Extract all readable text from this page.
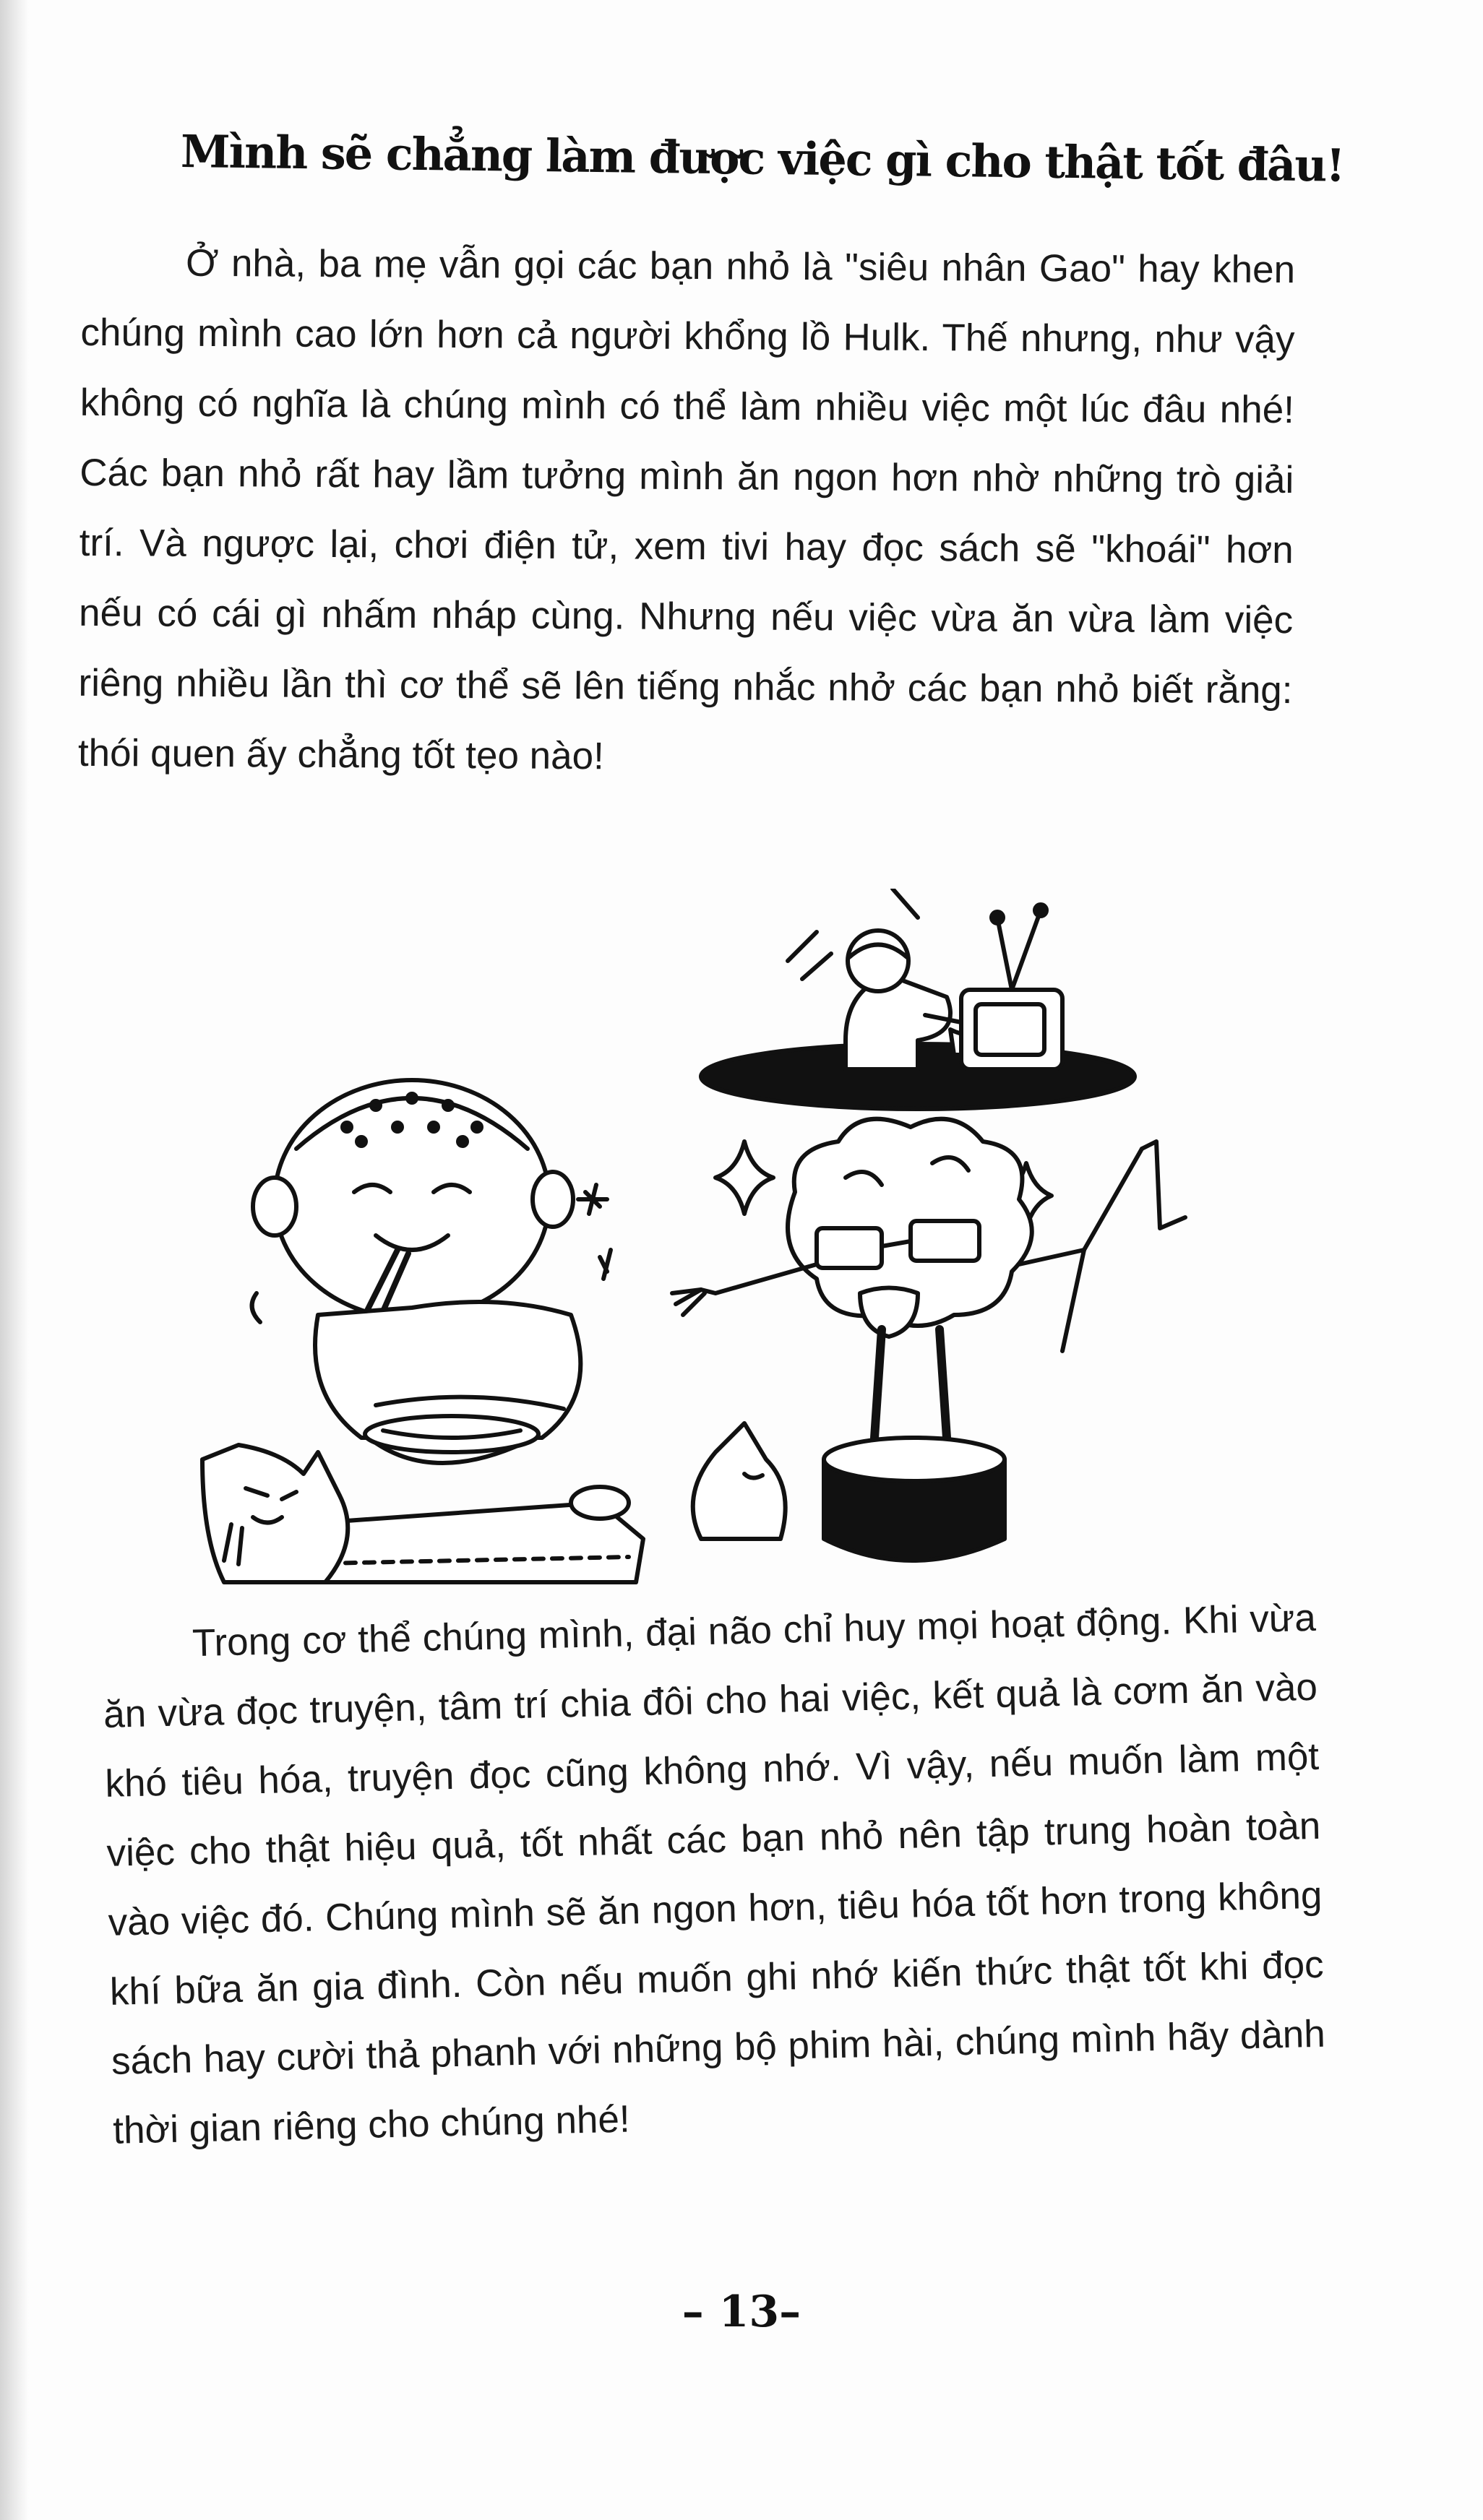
Mình sẽ chẳng làm được việc gì cho thật tốt đâu!

Ở nhà, ba mẹ vẫn gọi các bạn nhỏ là "siêu nhân Gao" hay khen chúng mình cao lớn hơn cả người khổng lồ Hulk. Thế nhưng, như vậy không có nghĩa là chúng mình có thể làm nhiều việc một lúc đâu nhé! Các bạn nhỏ rất hay lầm tưởng mình ăn ngon hơn nhờ những trò giải trí. Và ngược lại, chơi điện tử, xem tivi hay đọc sách sẽ "khoái" hơn nếu có cái gì nhấm nháp cùng. Nhưng nếu việc vừa ăn vừa làm việc riêng nhiều lần thì cơ thể sẽ lên tiếng nhắc nhở các bạn nhỏ biết rằng: thói quen ấy chẳng tốt tẹo nào!

Trong cơ thể chúng mình, đại não chỉ huy mọi hoạt động. Khi vừa ăn vừa đọc truyện, tâm trí chia đôi cho hai việc, kết quả là cơm ăn vào khó tiêu hóa, truyện đọc cũng không nhớ. Vì vậy, nếu muốn làm một việc cho thật hiệu quả, tốt nhất các bạn nhỏ nên tập trung hoàn toàn vào việc đó. Chúng mình sẽ ăn ngon hơn, tiêu hóa tốt hơn trong không khí bữa ăn gia đình. Còn nếu muốn ghi nhớ kiến thức thật tốt khi đọc sách hay cười thả phanh với những bộ phim hài, chúng mình hãy dành thời gian riêng cho chúng nhé!

– 13–
